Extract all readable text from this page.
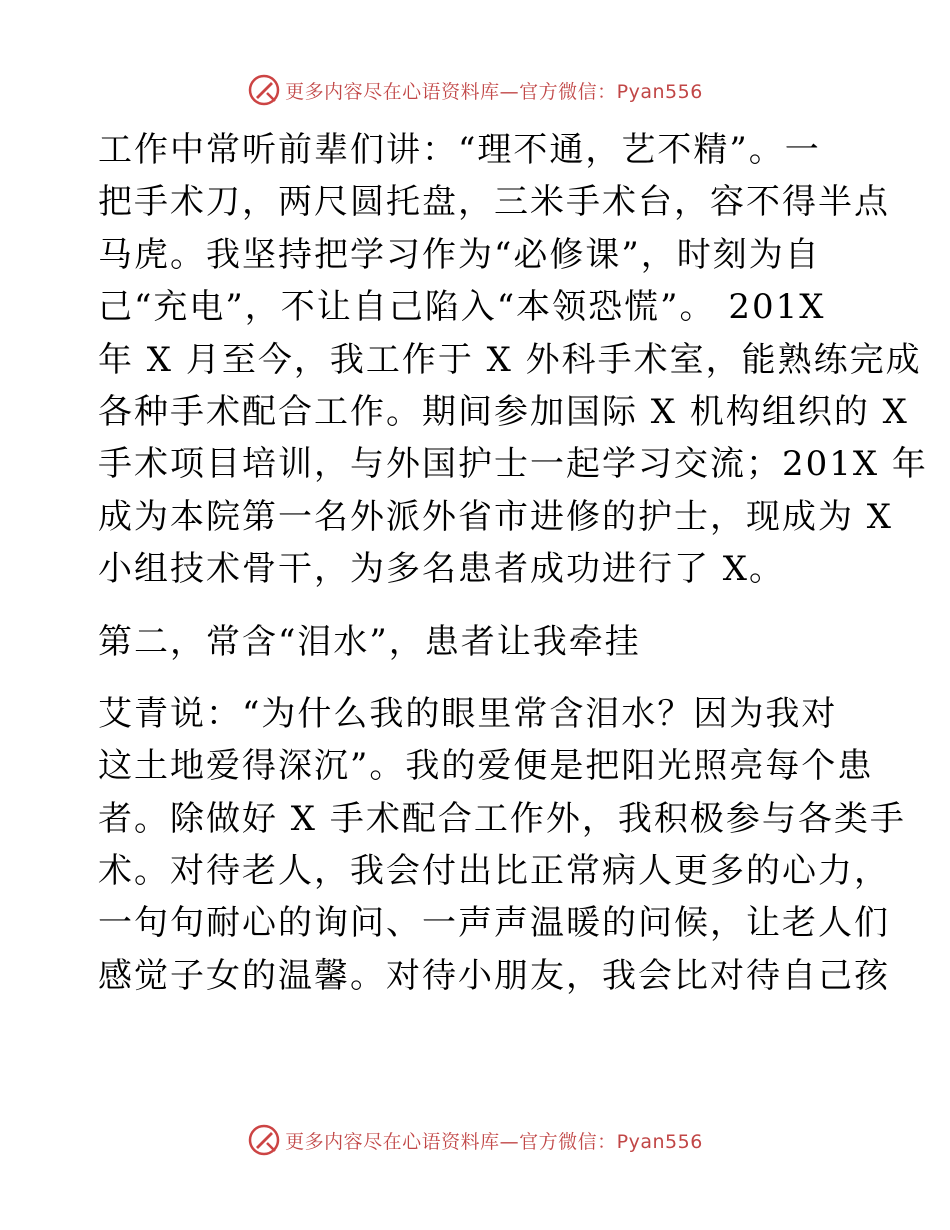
更多内容尽在心语资料库—官方微信：Pyan556
工作中常听前辈们讲：“理不通，艺不精”。一
把手术刀，两尺圆托盘，三米手术台，容不得半点
马虎。我坚持把学习作为“必修课”，时刻为自
己“充电”，不让自己陷入“本领恐慌”。 201X
年 X 月至今，我工作于 X 外科手术室，能熟练完成
各种手术配合工作。期间参加国际 X 机构组织的 X
手术项目培训，与外国护士一起学习交流；201X 年
成为本院第一名外派外省市进修的护士，现成为 X
小组技术骨干，为多名患者成功进行了 X。
第二，常含“泪水”，患者让我牵挂
艾青说：“为什么我的眼里常含泪水？因为我对
这土地爱得深沉”。我的爱便是把阳光照亮每个患
者。除做好 X 手术配合工作外，我积极参与各类手
术。对待老人，我会付出比正常病人更多的心力，
一句句耐心的询问、一声声温暖的问候，让老人们
感觉子女的温馨。对待小朋友，我会比对待自己孩
更多内容尽在心语资料库—官方微信：Pyan556
